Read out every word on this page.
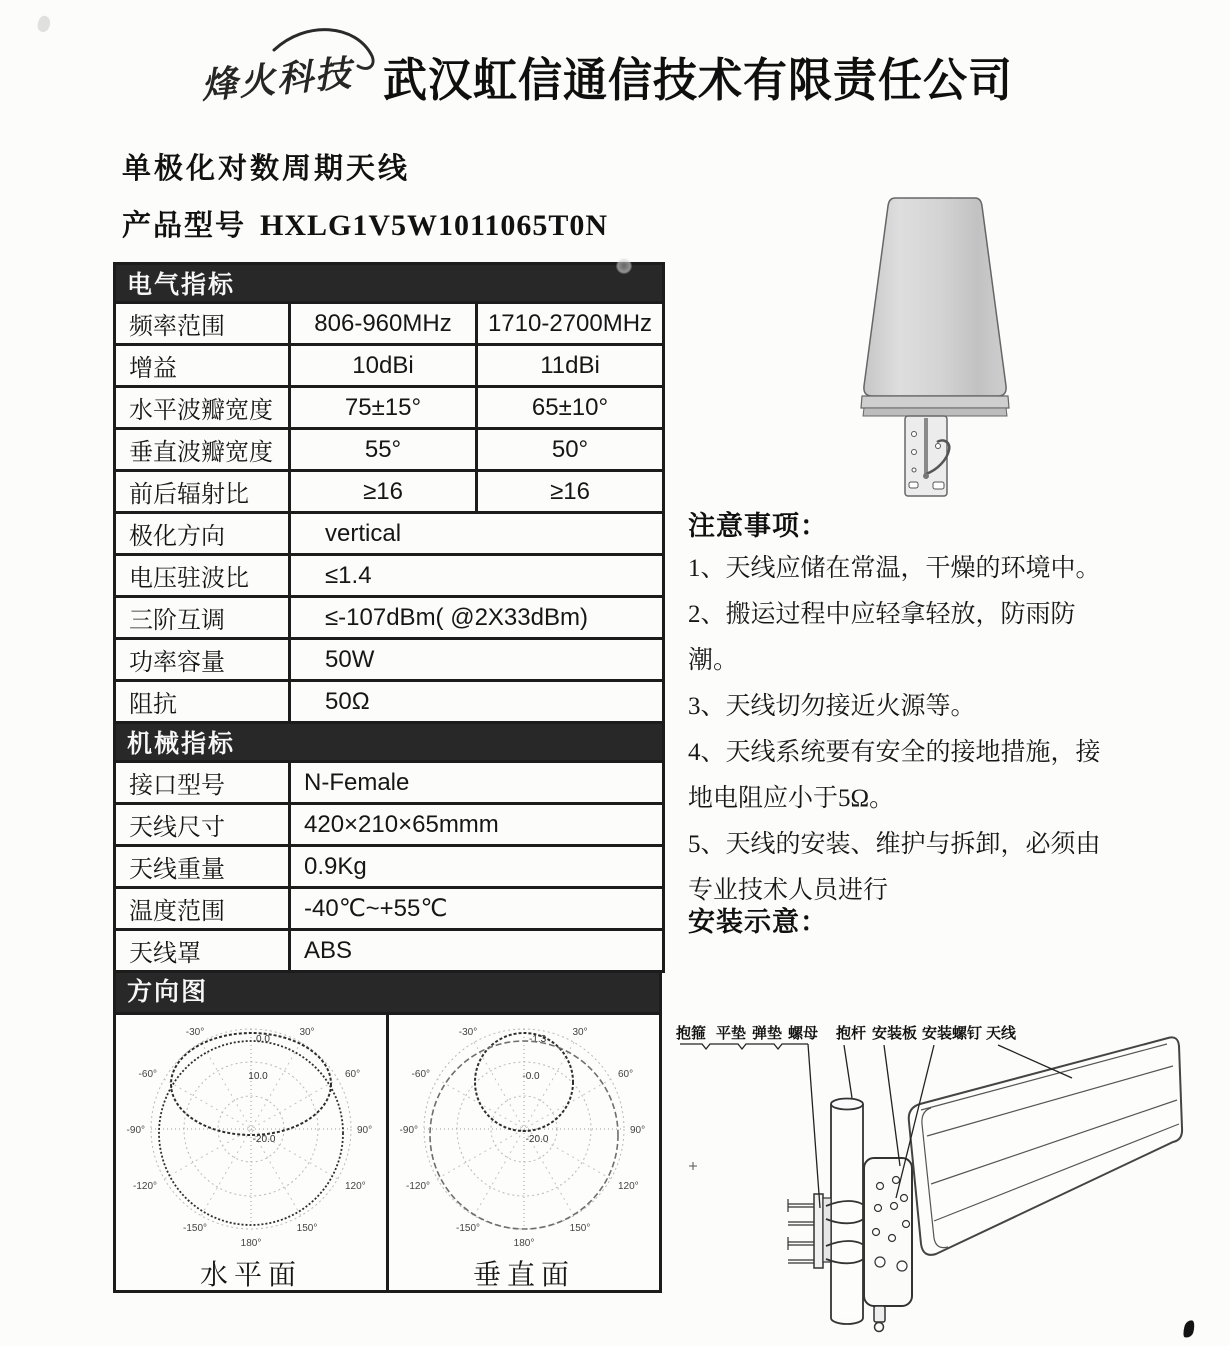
烽火科技 武汉虹信通信技术有限责任公司
单极化对数周期天线
产品型号 HXLG1V5W1011065T0N
电气指标		
频率范围	806-960MHz	1710-2700MHz
增益	10dBi	11dBi
水平波瓣宽度	75±15°	65±10°
垂直波瓣宽度	55°	50°
前后辐射比	≥16	≥16
极化方向	vertical	
电压驻波比	≤1.4	
三阶互调	≤-107dBm( @2X33dBm)	
功率容量	50W	
阻抗	50Ω	
机械指标		
接口型号	N-Female	
天线尺寸	420×210×65mmm	
天线重量	0.9Kg	
温度范围	-40℃~+55℃	
天线罩	ABS	
方向图
-30°	30°
-60°	60°
-90°	90°
-120°	120°
-150°	150°
180°
0.0
10.0
-20.0
水平面
-30°	30°
-60°	60°
-90°	90°
-120°	120°
-150°	150°
180°
-1.3
-0.0
-20.0
垂直面
注意事项：

1、天线应储在常温，干燥的环境中。

2、搬运过程中应轻拿轻放，防雨防潮。

3、天线切勿接近火源等。

4、天线系统要有安全的接地措施，接地电阻应小于5Ω。

5、天线的安装、维护与拆卸，必须由专业技术人员进行

安装示意：
抱箍 平垫 弹垫 螺母 抱杆 安装板 安装螺钉 天线
